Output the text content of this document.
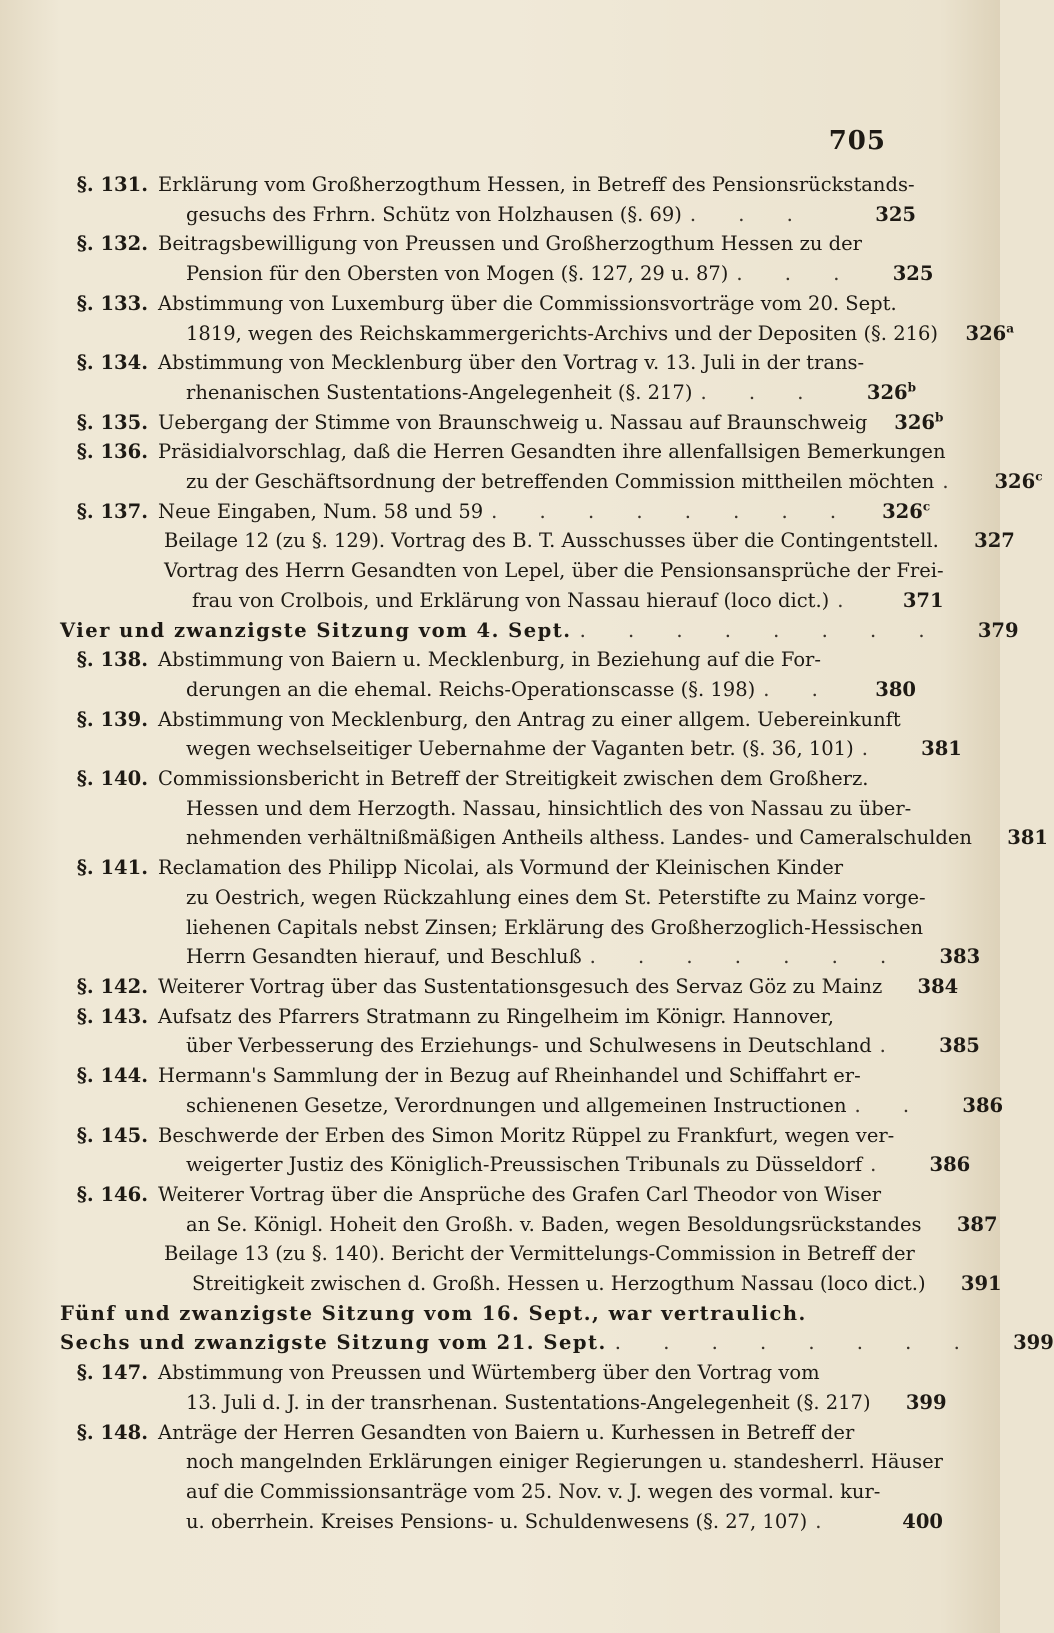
705
§. 131. Erklärung vom Großherzogthum Hessen, in Betreff des Pensionsrückstands-
gesuchs des Frhrn. Schütz von Holzhausen (§. 69) . . .	325
§. 132. Beitragsbewilligung von Preussen und Großherzogthum Hessen zu der
Pension für den Obersten von Mogen (§. 127, 29 u. 87) . . .	325
§. 133. Abstimmung von Luxemburg über die Commissionsvorträge vom 20. Sept.
1819, wegen des Reichskammergerichts-Archivs und der Depositen (§. 216)	326$^a$
§. 134. Abstimmung von Mecklenburg über den Vortrag v. 13. Juli in der trans-
rhenanischen Sustentations-Angelegenheit (§. 217) . . .	326$^b$
§. 135. Uebergang der Stimme von Braunschweig u. Nassau auf Braunschweig	326$^b$
§. 136. Präsidialvorschlag, daß die Herren Gesandten ihre allenfallsigen Bemerkungen
zu der Geschäftsordnung der betreffenden Commission mittheilen möchten .	326$^c$
§. 137. Neue Eingaben, Num. 58 und 59 . . . . . . . .	326$^c$
Beilage 12 (zu §. 129). Vortrag des B. T. Ausschusses über die Contingentstell.	327
Vortrag des Herrn Gesandten von Lepel, über die Pensionsansprüche der Frei-
frau von Crolbois, und Erklärung von Nassau hierauf (loco dict.) .	371
Vier und zwanzigste Sitzung vom 4. Sept. . . . . . . . .	379
§. 138. Abstimmung von Baiern u. Mecklenburg, in Beziehung auf die For-
derungen an die ehemal. Reichs-Operationscasse (§. 198) . .	380
§. 139. Abstimmung von Mecklenburg, den Antrag zu einer allgem. Uebereinkunft
wegen wechselseitiger Uebernahme der Vaganten betr. (§. 36, 101) .	381
§. 140. Commissionsbericht in Betreff der Streitigkeit zwischen dem Großherz.
Hessen und dem Herzogth. Nassau, hinsichtlich des von Nassau zu über-
nehmenden verhältnißmäßigen Antheils althess. Landes- und Cameralschulden	381
§. 141. Reclamation des Philipp Nicolai, als Vormund der Kleinischen Kinder
zu Oestrich, wegen Rückzahlung eines dem St. Peterstifte zu Mainz vorge-
liehenen Capitals nebst Zinsen; Erklärung des Großherzoglich-Hessischen
Herrn Gesandten hierauf, und Beschluß . . . . . . .	383
§. 142. Weiterer Vortrag über das Sustentationsgesuch des Servaz Göz zu Mainz	384
§. 143. Aufsatz des Pfarrers Stratmann zu Ringelheim im Königr. Hannover,
über Verbesserung des Erziehungs- und Schulwesens in Deutschland .	385
§. 144. Hermann's Sammlung der in Bezug auf Rheinhandel und Schiffahrt er-
schienenen Gesetze, Verordnungen und allgemeinen Instructionen . .	386
§. 145. Beschwerde der Erben des Simon Moritz Rüppel zu Frankfurt, wegen ver-
weigerter Justiz des Königlich-Preussischen Tribunals zu Düsseldorf .	386
§. 146. Weiterer Vortrag über die Ansprüche des Grafen Carl Theodor von Wiser
an Se. Königl. Hoheit den Großh. v. Baden, wegen Besoldungsrückstandes	387
Beilage 13 (zu §. 140). Bericht der Vermittelungs-Commission in Betreff der
Streitigkeit zwischen d. Großh. Hessen u. Herzogthum Nassau (loco dict.)	391
Fünf und zwanzigste Sitzung vom 16. Sept., war vertraulich.
Sechs und zwanzigste Sitzung vom 21. Sept. . . . . . . . .	399
§. 147. Abstimmung von Preussen und Würtemberg über den Vortrag vom
13. Juli d. J. in der transrhenan. Sustentations-Angelegenheit (§. 217)	399
§. 148. Anträge der Herren Gesandten von Baiern u. Kurhessen in Betreff der
noch mangelnden Erklärungen einiger Regierungen u. standesherrl. Häuser
auf die Commissionsanträge vom 25. Nov. v. J. wegen des vormal. kur-
u. oberrhein. Kreises Pensions- u. Schuldenwesens (§. 27, 107) .	400
